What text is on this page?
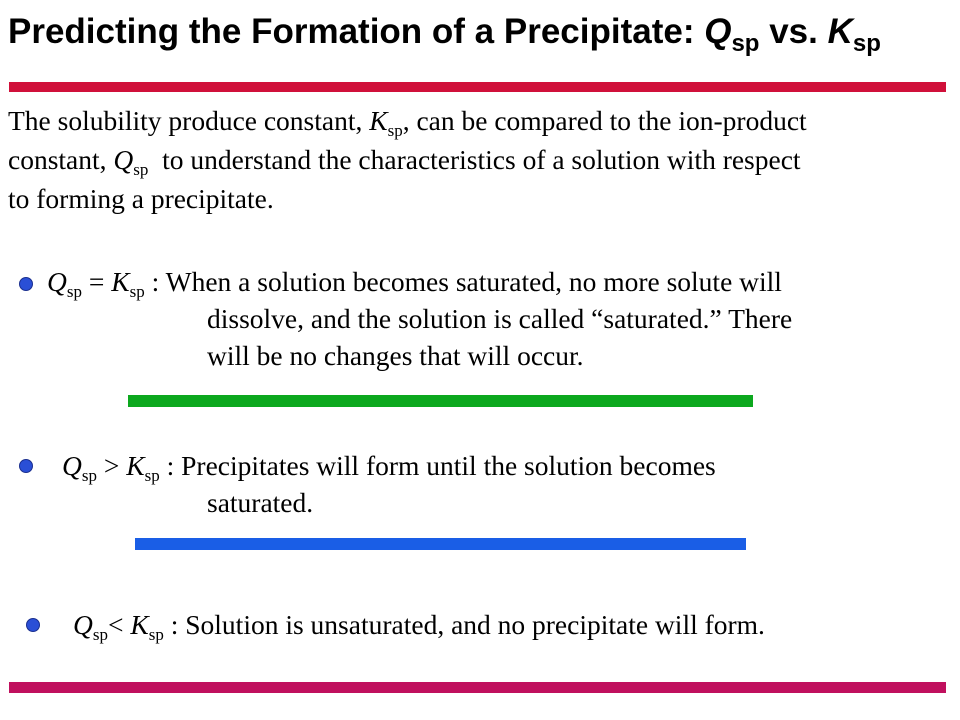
Predicting the Formation of a Precipitate: $Q_{sp}$ vs. $K_{sp}$
The solubility produce constant, $K_{sp}$, can be compared to the ion-product
constant, $Q_{sp}$  to understand the characteristics of a solution with respect
to forming a precipitate.
$Q_{sp} = K_{sp}$ : When a solution becomes saturated, no more solute will
dissolve, and the solution is called “saturated.” There
will be no changes that will occur.
$Q_{sp} > K_{sp}$ : Precipitates will form until the solution becomes
saturated.
$Q_{sp}< K_{sp}$ : Solution is unsaturated, and no precipitate will form.
